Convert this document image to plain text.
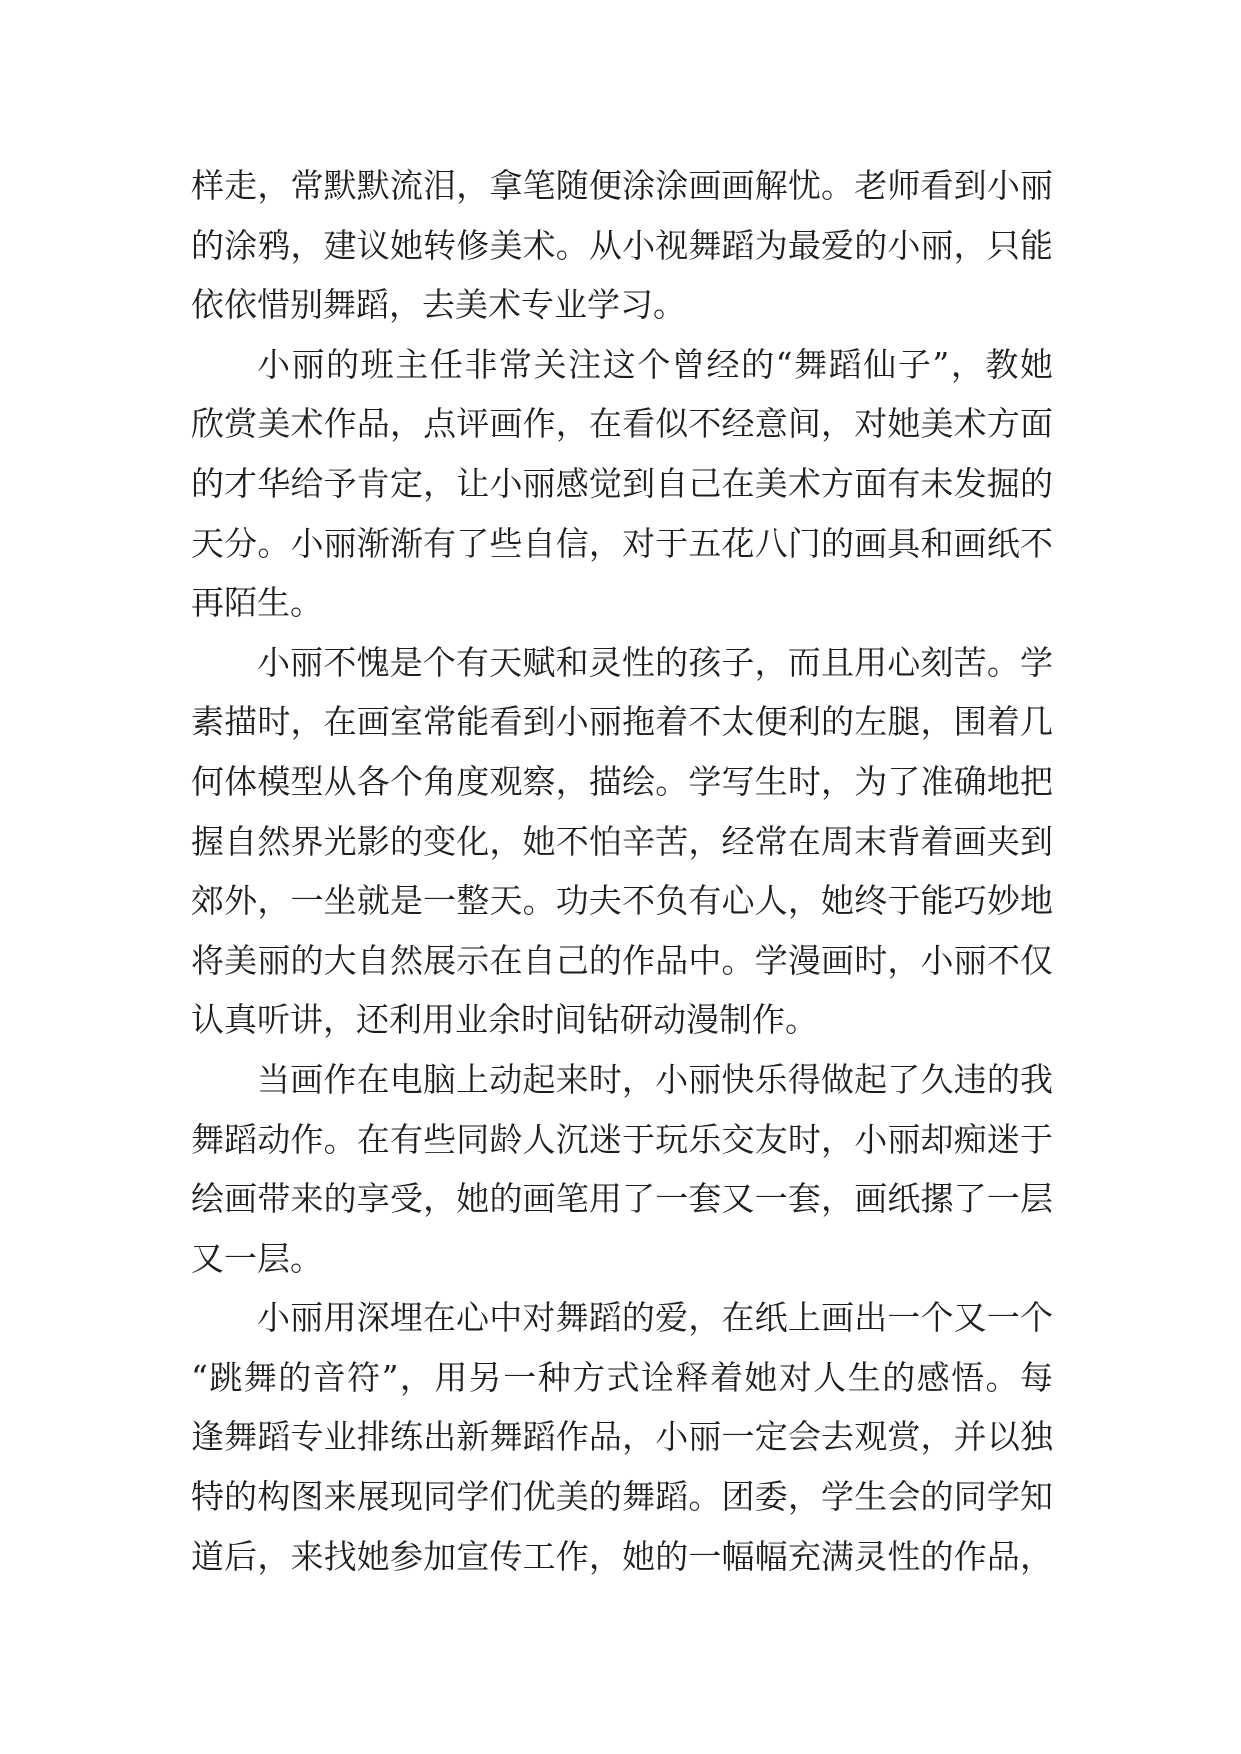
样走，常默默流泪，拿笔随便涂涂画画解忧。老师看到小丽
的涂鸦，建议她转修美术。从小视舞蹈为最爱的小丽，只能
依依惜别舞蹈，去美术专业学习。
小丽的班主任非常关注这个曾经的“舞蹈仙子”，教她
欣赏美术作品，点评画作，在看似不经意间，对她美术方面
的才华给予肯定，让小丽感觉到自己在美术方面有未发掘的
天分。小丽渐渐有了些自信，对于五花八门的画具和画纸不
再陌生。
小丽不愧是个有天赋和灵性的孩子，而且用心刻苦。学
素描时，在画室常能看到小丽拖着不太便利的左腿，围着几
何体模型从各个角度观察，描绘。学写生时，为了准确地把
握自然界光影的变化，她不怕辛苦，经常在周末背着画夹到
郊外，一坐就是一整天。功夫不负有心人，她终于能巧妙地
将美丽的大自然展示在自己的作品中。学漫画时，小丽不仅
认真听讲，还利用业余时间钻研动漫制作。
当画作在电脑上动起来时，小丽快乐得做起了久违的我
舞蹈动作。在有些同龄人沉迷于玩乐交友时，小丽却痴迷于
绘画带来的享受，她的画笔用了一套又一套，画纸摞了一层
又一层。
小丽用深埋在心中对舞蹈的爱，在纸上画出一个又一个
“跳舞的音符”，用另一种方式诠释着她对人生的感悟。每
逢舞蹈专业排练出新舞蹈作品，小丽一定会去观赏，并以独
特的构图来展现同学们优美的舞蹈。团委，学生会的同学知
道后，来找她参加宣传工作，她的一幅幅充满灵性的作品，
